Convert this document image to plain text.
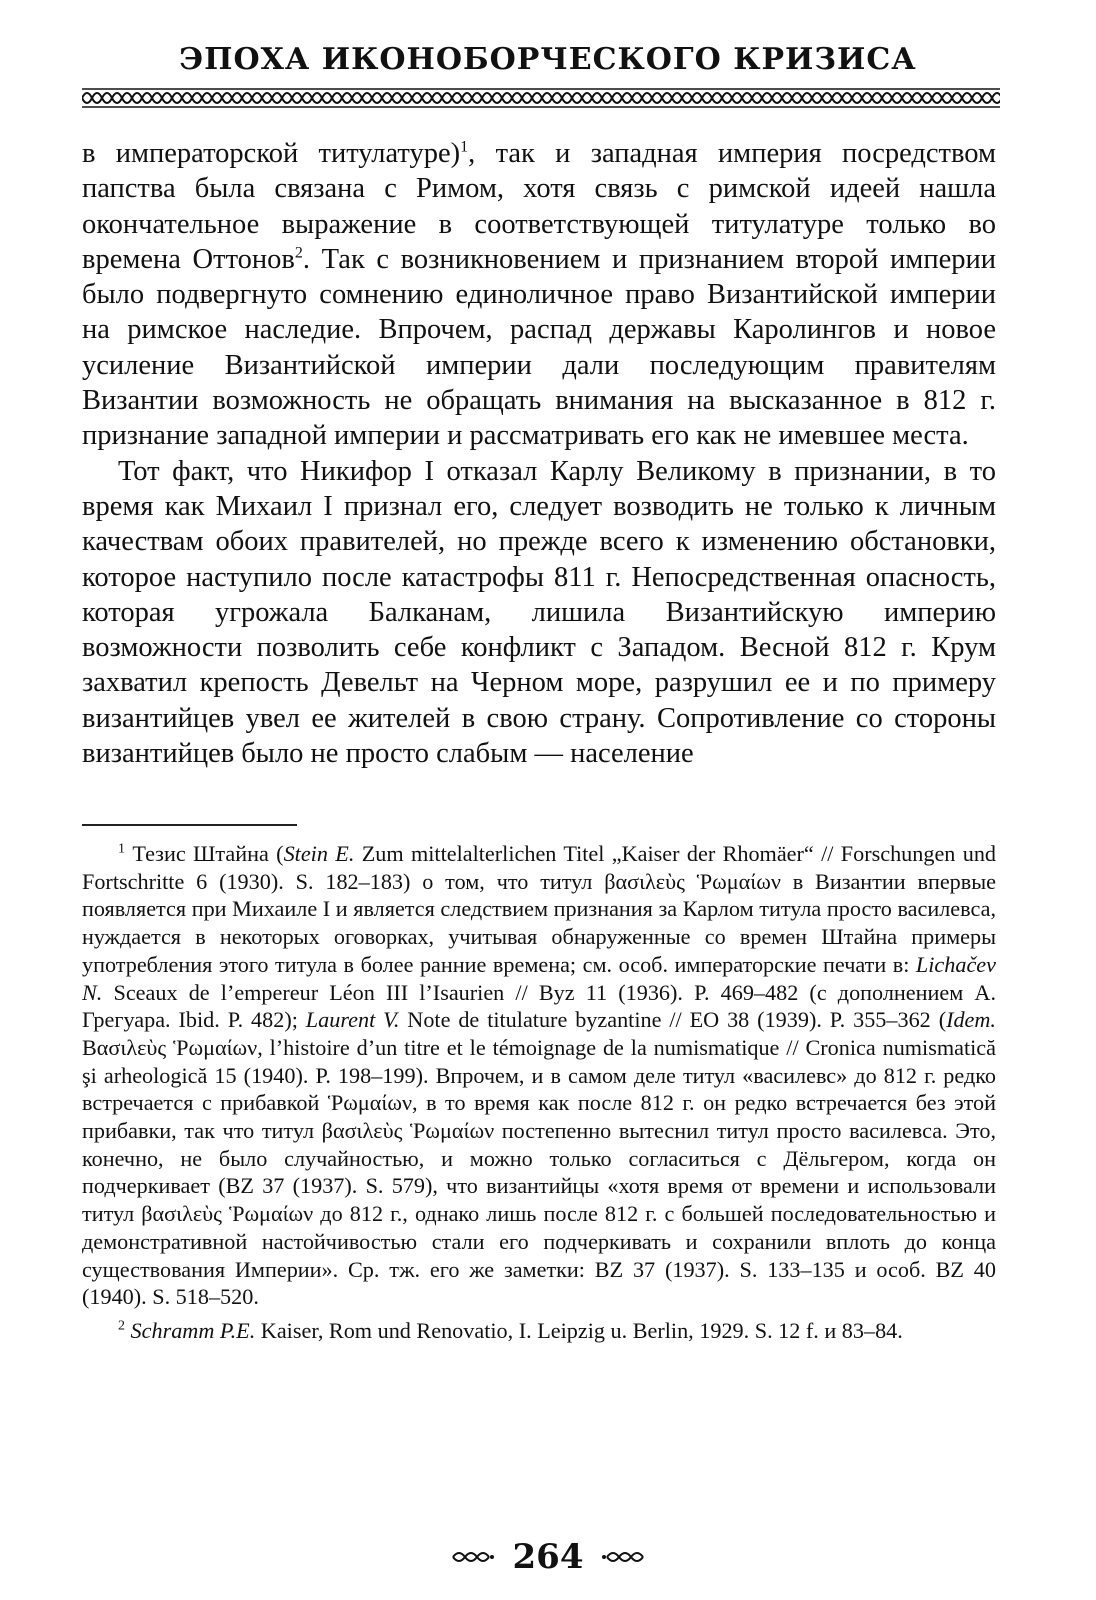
ЭПОХА ИКОНОБОРЧЕСКОГО КРИЗИСА

в императорской титулатуре)$^1$, так и западная империя посредством папства была связана с Римом, хотя связь с римской идеей нашла окончательное выражение в соответствующей титулатуре только во времена Оттонов$^2$. Так с возникновением и признанием второй империи было подвергнуто сомнению единоличное право Византийской империи на римское наследие. Впрочем, распад державы Каролингов и новое усиление Византийской империи дали последующим правителям Византии возможность не обращать внимания на высказанное в 812 г. признание западной империи и рассматривать его как не имевшее места.

Тот факт, что Никифор I отказал Карлу Великому в признании, в то время как Михаил I признал его, следует возводить не только к личным качествам обоих правителей, но прежде всего к изменению обстановки, которое наступило после катастрофы 811 г. Непосредственная опасность, которая угрожала Балканам, лишила Византийскую империю возможности позволить себе конфликт с Западом. Весной 812 г. Крум захватил крепость Девельт на Черном море, разрушил ее и по примеру византийцев увел ее жителей в свою страну. Сопротивление со стороны византийцев было не просто слабым — население

$^1$ Тезис Штайна (Stein E. Zum mittelalterlichen Titel „Kaiser der Rhomäer“ // Forschungen und Fortschritte 6 (1930). S. 182–183) о том, что титул βασιλεὺς Ῥωμαίων в Византии впервые появляется при Михаиле I и является следствием признания за Карлом титула просто василевса, нуждается в некоторых оговорках, учитывая обнаруженные со времен Штайна примеры употребления этого титула в более ранние времена; см. особ. императорские печати в: Lichačev N. Sceaux de l’empereur Léon III l’Isaurien // Byz 11 (1936). P. 469–482 (с дополнением А. Грегуара. Ibid. P. 482); Laurent V. Note de titulature byzantine // EO 38 (1939). P. 355–362 (Idem. Βασιλεὺς Ῥωμαίων, l’histoire d’un titre et le témoignage de la numismatique // Cronica numismatică şi arheologică 15 (1940). P. 198–199). Впрочем, и в самом деле титул «василевс» до 812 г. редко встречается с прибавкой Ῥωμαίων, в то время как после 812 г. он редко встречается без этой прибавки, так что титул βασιλεὺς Ῥωμαίων постепенно вытеснил титул просто василевса. Это, конечно, не было случайностью, и можно только согласиться с Дёльгером, когда он подчеркивает (BZ 37 (1937). S. 579), что византийцы «хотя время от времени и использовали титул βασιλεὺς Ῥωμαίων до 812 г., однако лишь после 812 г. с большей последовательностью и демонстративной настойчивостью стали его подчеркивать и сохранили вплоть до конца существования Империи». Ср. тж. его же заметки: BZ 37 (1937). S. 133–135 и особ. BZ 40 (1940). S. 518–520.

$^2$ Schramm P.E. Kaiser, Rom und Renovatio, I. Leipzig u. Berlin, 1929. S. 12 f. и 83–84.

264
